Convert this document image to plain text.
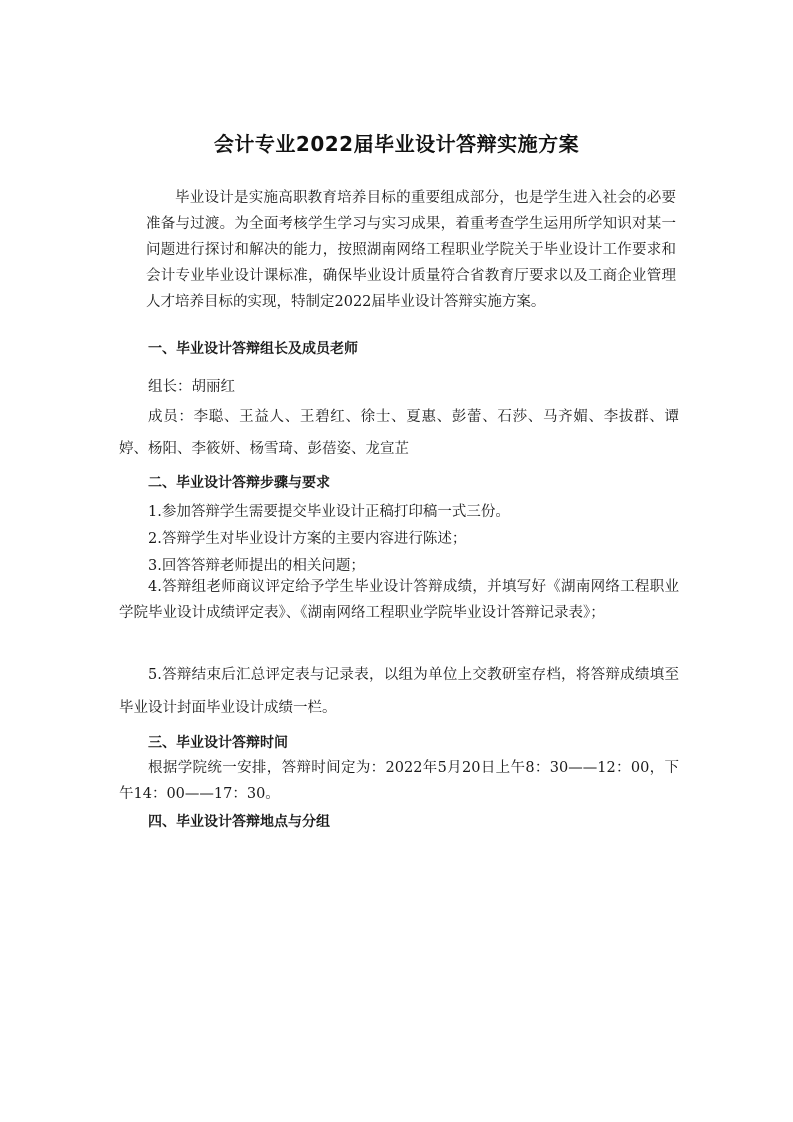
会计专业2022届毕业设计答辩实施方案

毕业设计是实施高职教育培养目标的重要组成部分，也是学生进入社会的必要准备与过渡。为全面考核学生学习与实习成果，着重考查学生运用所学知识对某一问题进行探讨和解决的能力，按照湖南网络工程职业学院关于毕业设计工作要求和会计专业毕业设计课标准，确保毕业设计质量符合省教育厅要求以及工商企业管理人才培养目标的实现，特制定2022届毕业设计答辩实施方案。

一、毕业设计答辩组长及成员老师
组长：胡丽红

成员：李聪、王益人、王碧红、徐士、夏惠、彭蕾、石莎、马齐媚、李拔群、谭婷、杨阳、李筱妍、杨雪琦、彭蓓姿、龙宣芷

二、毕业设计答辩步骤与要求
1.参加答辩学生需要提交毕业设计正稿打印稿一式三份。
2.答辩学生对毕业设计方案的主要内容进行陈述；
3.回答答辩老师提出的相关问题；

4.答辩组老师商议评定给予学生毕业设计答辩成绩，并填写好《湖南网络工程职业学院毕业设计成绩评定表》、《湖南网络工程职业学院毕业设计答辩记录表》；

5.答辩结束后汇总评定表与记录表，以组为单位上交教研室存档，将答辩成绩填至毕业设计封面毕业设计成绩一栏。

三、毕业设计答辩时间

根据学院统一安排，答辩时间定为：2022年5月20日上午8：30——12：00，下午14：00——17：30。

四、毕业设计答辩地点与分组
